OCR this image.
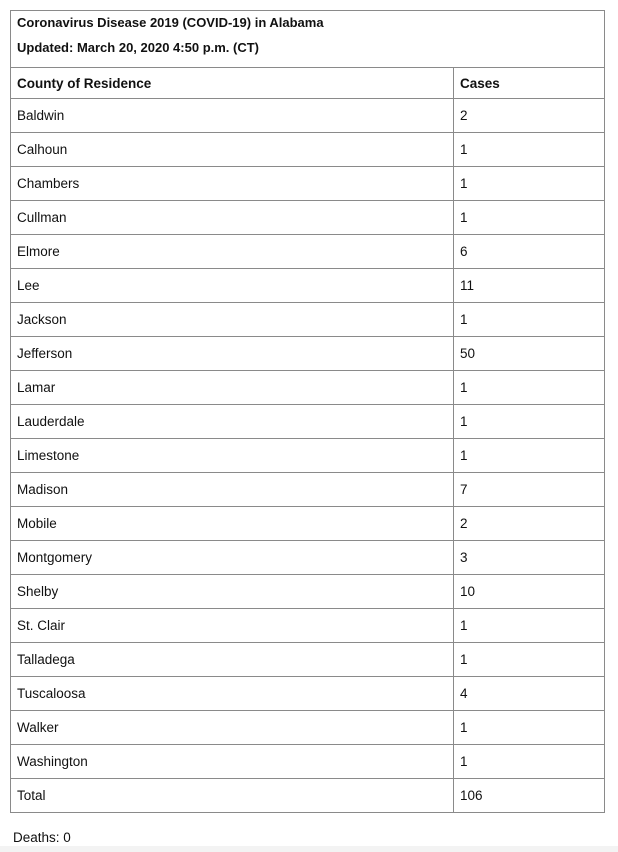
Coronavirus Disease 2019 (COVID-19) in Alabama
Updated: March 20, 2020 4:50 p.m. (CT)	

County of Residence	Cases
Baldwin	2
Calhoun	1
Chambers	1
Cullman	1
Elmore	6
Lee	11
Jackson	1
Jefferson	50
Lamar	1
Lauderdale	1
Limestone	1
Madison	7
Mobile	2
Montgomery	3
Shelby	10
St. Clair	1
Talladega	1
Tuscaloosa	4
Walker	1
Washington	1
Total	106
Deaths: 0
